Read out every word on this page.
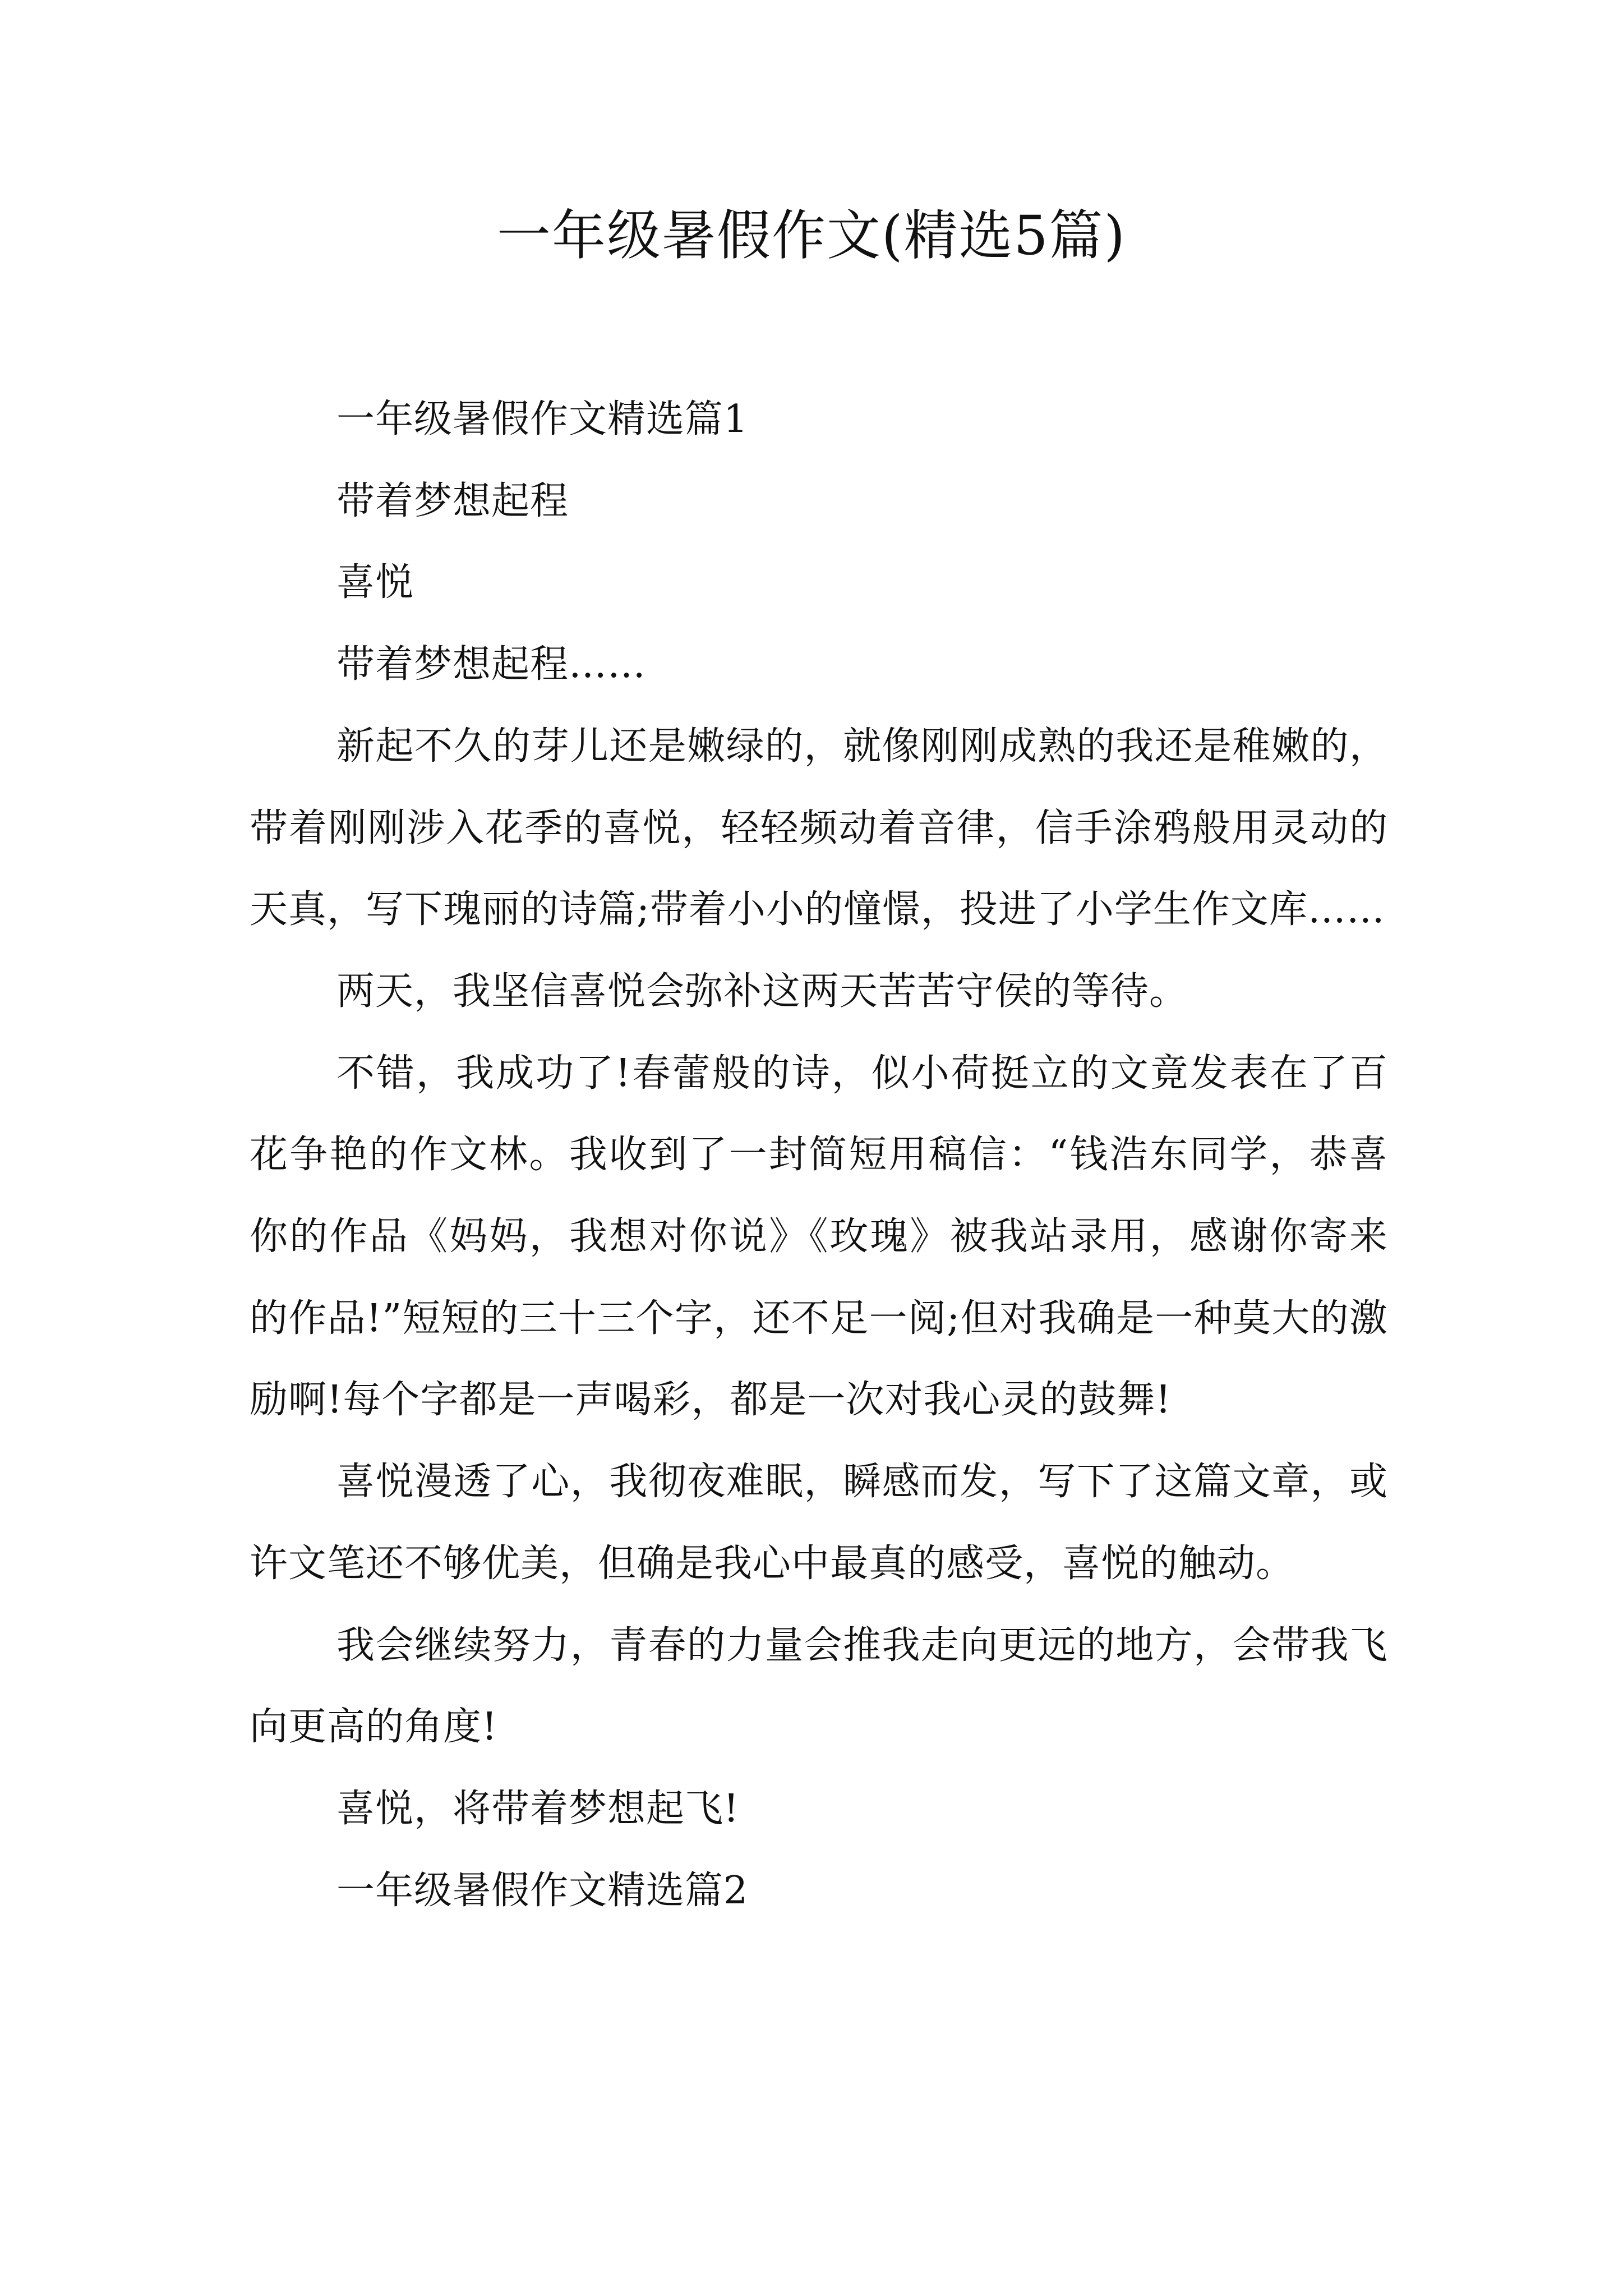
一年级暑假作文(精选5篇)

一年级暑假作文精选篇1

带着梦想起程

喜悦

带着梦想起程……

新起不久的芽儿还是嫩绿的，就像刚刚成熟的我还是稚嫩的，带着刚刚涉入花季的喜悦，轻轻频动着音律，信手涂鸦般用灵动的天真，写下瑰丽的诗篇;带着小小的憧憬，投进了小学生作文库……

两天，我坚信喜悦会弥补这两天苦苦守侯的等待。

不错，我成功了!春蕾般的诗，似小荷挺立的文竟发表在了百花争艳的作文林。我收到了一封简短用稿信：“钱浩东同学，恭喜你的作品《妈妈，我想对你说》《玫瑰》被我站录用，感谢你寄来的作品!”短短的三十三个字，还不足一阅;但对我确是一种莫大的激励啊!每个字都是一声喝彩，都是一次对我心灵的鼓舞!

喜悦漫透了心，我彻夜难眠，瞬感而发，写下了这篇文章，或许文笔还不够优美，但确是我心中最真的感受，喜悦的触动。

我会继续努力，青春的力量会推我走向更远的地方，会带我飞向更高的角度!

喜悦，将带着梦想起飞!

一年级暑假作文精选篇2
